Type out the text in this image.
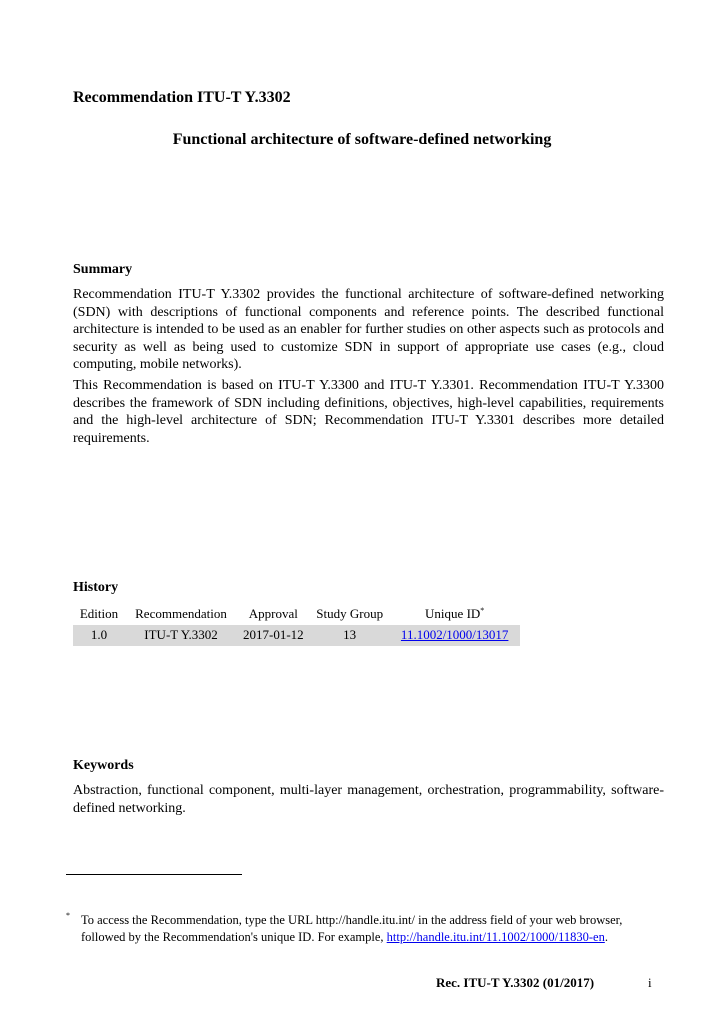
Recommendation ITU-T Y.3302
Functional architecture of software-defined networking
Summary

Recommendation ITU-T Y.3302 provides the functional architecture of software-defined networking (SDN) with descriptions of functional components and reference points. The described functional architecture is intended to be used as an enabler for further studies on other aspects such as protocols and security as well as being used to customize SDN in support of appropriate use cases (e.g., cloud computing, mobile networks).

This Recommendation is based on ITU-T Y.3300 and ITU-T Y.3301. Recommendation ITU-T Y.3300 describes the framework of SDN including definitions, objectives, high-level capabilities, requirements and the high-level architecture of SDN; Recommendation ITU-T Y.3301 describes more detailed requirements.

History
Edition	Recommendation	Approval	Study Group	Unique ID*
1.0	ITU-T Y.3302	2017-01-12	13	11.1002/1000/13017
Keywords

Abstraction, functional component, multi-layer management, orchestration, programmability, software-defined networking.

* To access the Recommendation, type the URL http://handle.itu.int/ in the address field of your web browser, followed by the Recommendation's unique ID. For example, http://handle.itu.int/11.1002/1000/11830-en.
Rec. ITU-T Y.3302 (01/2017)	i
